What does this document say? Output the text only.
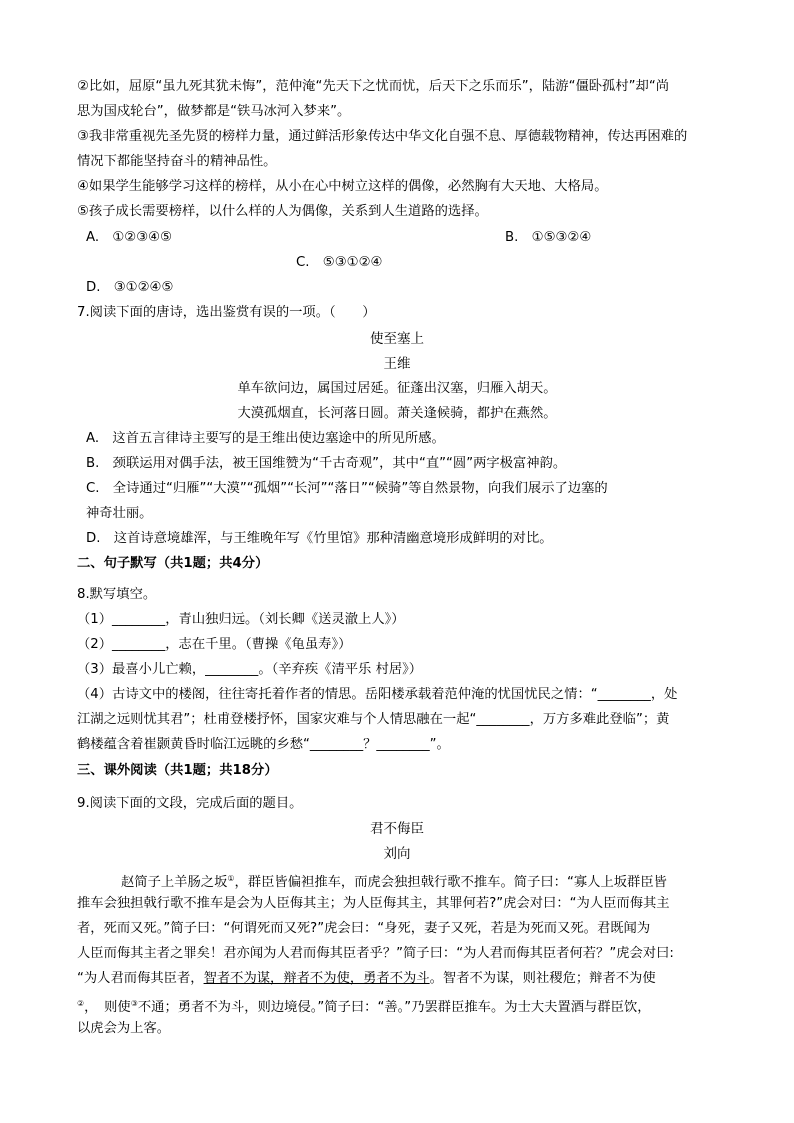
②比如，屈原“虽九死其犹未悔”，范仲淹“先天下之忧而忧，后天下之乐而乐”，陆游“僵卧孤村”却“尚
思为国戍轮台”，做梦都是“铁马冰河入梦来”。
③我非常重视先圣先贤的榜样力量，通过鲜活形象传达中华文化自强不息、厚德载物精神，传达再困难的
情况下都能坚持奋斗的精神品性。
④如果学生能够学习这样的榜样，从小在心中树立这样的偶像，必然胸有大天地、大格局。
⑤孩子成长需要榜样，以什么样的人为偶像，关系到人生道路的选择。
A.　①②③④⑤	B.　①⑤③②④
C.　⑤③①②④
D.　③①②④⑤
7.阅读下面的唐诗，选出鉴赏有误的一项。（　　）
使至塞上
王维
单车欲问边，属国过居延。征蓬出汉塞，归雁入胡天。
大漠孤烟直，长河落日圆。萧关逢候骑，都护在燕然。
A.　这首五言律诗主要写的是王维出使边塞途中的所见所感。
B.　颈联运用对偶手法，被王国维赞为“千古奇观”，其中“直”“圆”两字极富神韵。
C.　全诗通过“归雁”“大漠”“孤烟”“长河”“落日”“候骑”等自然景物，向我们展示了边塞的
神奇壮丽。
D.　这首诗意境雄浑，与王维晚年写《竹里馆》那种清幽意境形成鲜明的对比。
二、句子默写（共1题；共4分）
8.默写填空。
（1）________，青山独归远。（刘长卿《送灵澈上人》）
（2）________，志在千里。（曹操《龟虽寿》）
（3）最喜小儿亡赖，________。（辛弃疾《清平乐 村居》）
（4）古诗文中的楼阁，往往寄托着作者的情思。岳阳楼承载着范仲淹的忧国忧民之情：“________，处
江湖之远则忧其君”；杜甫登楼抒怀，国家灾难与个人情思融在一起“________，万方多难此登临”；黄
鹤楼蕴含着崔颢黄昏时临江远眺的乡愁“________？________”。
三、课外阅读（共1题；共18分）
9.阅读下面的文段，完成后面的题目。
君不侮臣
刘向
赵简子上羊肠之坂①，群臣皆偏袒推车，而虎会独担戟行歌不推车。简子曰：“寡人上坂群臣皆
推车会独担戟行歌不推车是会为人臣侮其主；为人臣侮其主，其罪何若?”虎会对曰：“为人臣而侮其主
者，死而又死。”简子曰：“何谓死而又死?”虎会曰：“身死，妻子又死，若是为死而又死。君既闻为
人臣而侮其主者之罪矣！君亦闻为人君而侮其臣者乎？”简子曰：“为人君而侮其臣者何若？”虎会对曰:
“为人君而侮其臣者，智者不为谋，辩者不为使，勇者不为斗。智者不为谋，则社稷危；辩者不为使
②，　则使③不通；勇者不为斗，则边境侵。”简子曰：“善。”乃罢群臣推车。为士大夫置酒与群臣饮，
以虎会为上客。
